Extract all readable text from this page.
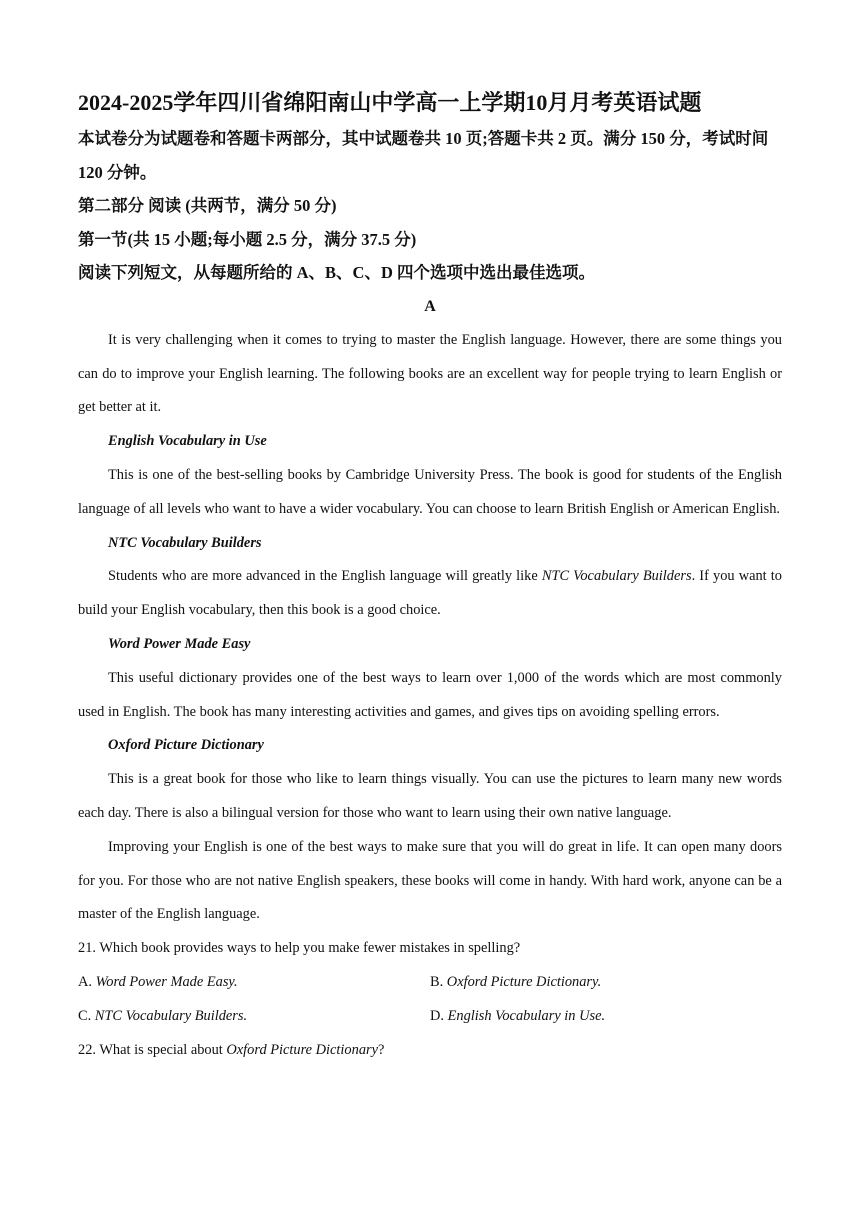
2024-2025学年四川省绵阳南山中学高一上学期10月月考英语试题

本试卷分为试题卷和答题卡两部分，其中试题卷共 10 页;答题卡共 2 页。满分 150 分，考试时间 120 分钟。

第二部分 阅读 (共两节，满分 50 分)

第一节(共 15 小题;每小题 2.5 分，满分 37.5 分)

阅读下列短文，从每题所给的 A、B、C、D 四个选项中选出最佳选项。

A

It is very challenging when it comes to trying to master the English language. However, there are some things you can do to improve your English learning. The following books are an excellent way for people trying to learn English or get better at it.

English Vocabulary in Use

This is one of the best-selling books by Cambridge University Press. The book is good for students of the English language of all levels who want to have a wider vocabulary. You can choose to learn British English or American English.

NTC Vocabulary Builders

Students who are more advanced in the English language will greatly like NTC Vocabulary Builders. If you want to build your English vocabulary, then this book is a good choice.

Word Power Made Easy

This useful dictionary provides one of the best ways to learn over 1,000 of the words which are most commonly used in English. The book has many interesting activities and games, and gives tips on avoiding spelling errors.

Oxford Picture Dictionary

This is a great book for those who like to learn things visually. You can use the pictures to learn many new words each day. There is also a bilingual version for those who want to learn using their own native language.

Improving your English is one of the best ways to make sure that you will do great in life. It can open many doors for you. For those who are not native English speakers, these books will come in handy. With hard work, anyone can be a master of the English language.

21. Which book provides ways to help you make fewer mistakes in spelling?

A. Word Power Made Easy.	B. Oxford Picture Dictionary.
C. NTC Vocabulary Builders.	D. English Vocabulary in Use.

22. What is special about Oxford Picture Dictionary?
